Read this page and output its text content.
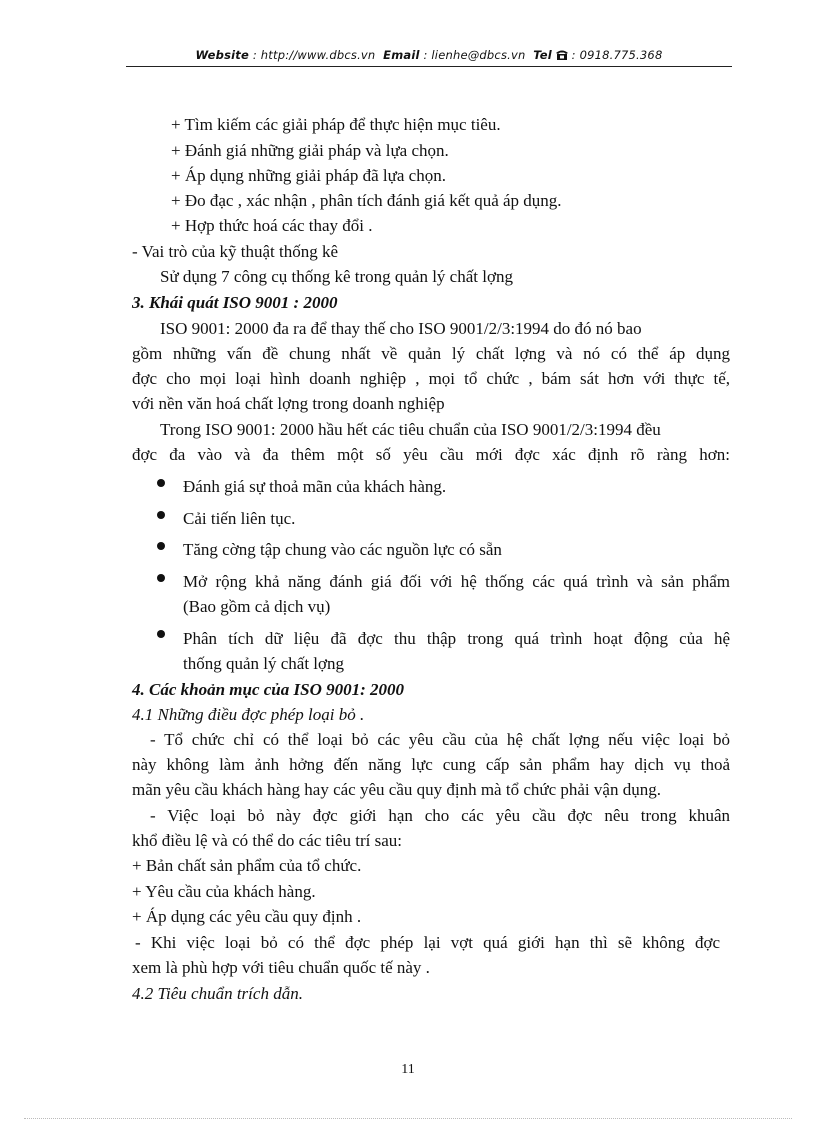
Website : http://www.dbcs.vn Email : lienhe@dbcs.vn Tel  : 0918.775.368
+ Tìm kiếm các giải pháp để thực hiện mục tiêu.
+ Đánh giá những giải pháp và lựa chọn.
+ Áp dụng những giải pháp đã lựa chọn.
+ Đo đạc , xác nhận , phân tích đánh giá kết quả áp dụng.
+ Hợp thức hoá các thay đổi .
- Vai trò của kỹ thuật thống kê
Sử dụng 7 công cụ thống kê trong quản lý chất lợng
3. Khái quát ISO 9001 : 2000
ISO 9001: 2000 đa ra để thay thế cho ISO 9001/2/3:1994 do đó nó bao
gồm những vấn đề chung nhất về quản lý chất lợng và nó có thể áp dụng
đợc cho mọi loại hình doanh nghiệp , mọi tổ chức , bám sát hơn với thực tế,
với nền văn hoá chất lợng trong doanh nghiệp
Trong ISO 9001: 2000 hầu hết các tiêu chuẩn của ISO 9001/2/3:1994 đều
đợc đa vào và đa thêm một số yêu cầu mới đợc xác định rõ ràng hơn:
Đánh giá sự thoả mãn của khách hàng.
Cải tiến liên tục.
Tăng cờng tập chung vào các nguồn lực có sẵn
Mở rộng khả năng đánh giá đối với hệ thống các quá trình và sản phẩm
(Bao gồm cả dịch vụ)
Phân tích dữ liệu đã đợc thu thập trong quá trình hoạt động của hệ
thống quản lý chất lợng
4. Các khoản mục của ISO 9001: 2000
4.1 Những điều đợc phép loại bỏ .
- Tổ chức chỉ có thể loại bỏ các yêu cầu của hệ chất lợng nếu việc loại bỏ
này không làm ảnh hởng đến năng lực cung cấp sản phẩm hay dịch vụ thoả
mãn yêu cầu khách hàng hay các yêu cầu quy định mà tổ chức phải vận dụng.
- Việc loại bỏ này đợc giới hạn cho các yêu cầu đợc nêu trong khuân
khổ điều lệ và có thể do các tiêu trí sau:
+ Bản chất sản phẩm của tổ chức.
+ Yêu cầu của khách hàng.
+ Áp dụng các yêu cầu quy định .
- Khi việc loại bỏ có thể đợc phép lại vợt quá giới hạn thì sẽ không đợc
xem là phù hợp với tiêu chuẩn quốc tế này .
4.2 Tiêu chuẩn trích dẫn.
11
